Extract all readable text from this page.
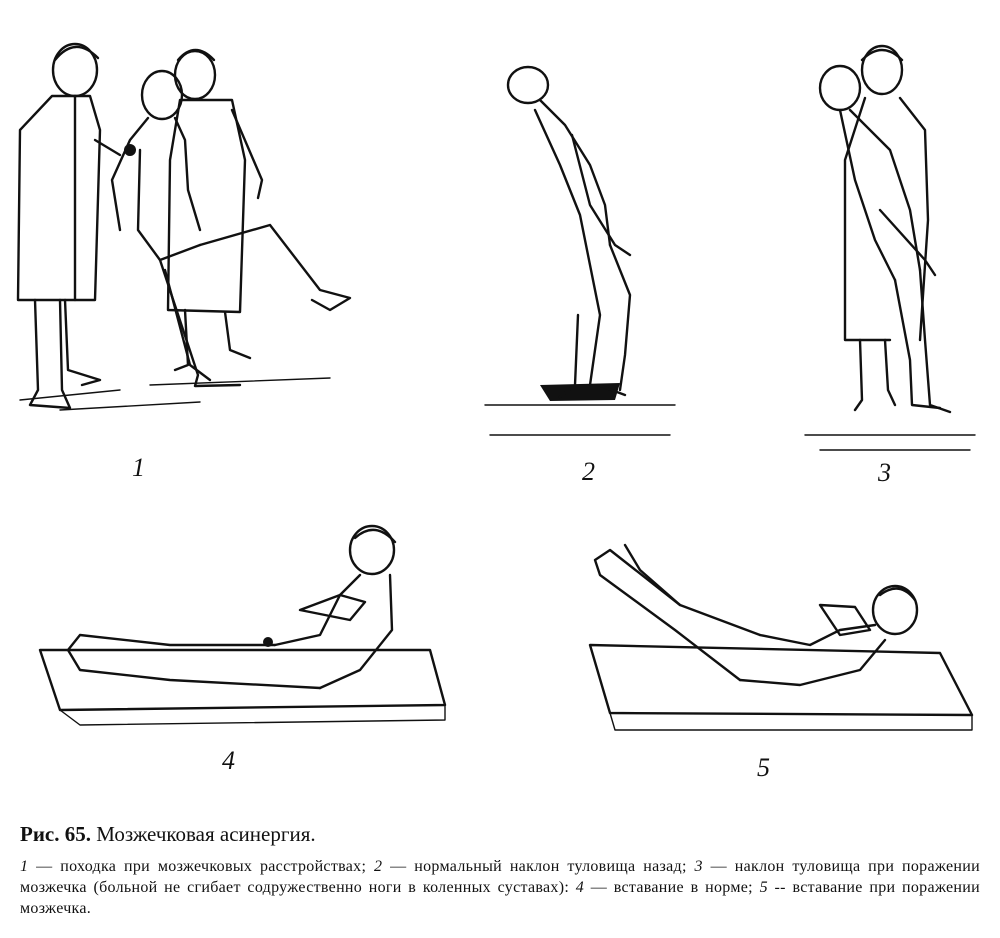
1	2	3
4	5

Рис. 65. Мозжечковая асинергия.

1 — походка при мозжечковых расстройствах; 2 — нормальный наклон туловища назад; 3 — наклон туловища при поражении мозжечка (больной не сгибает содружественно ноги в коленных суставах): 4 — вставание в норме; 5 -- вставание при поражении мозжечка.
